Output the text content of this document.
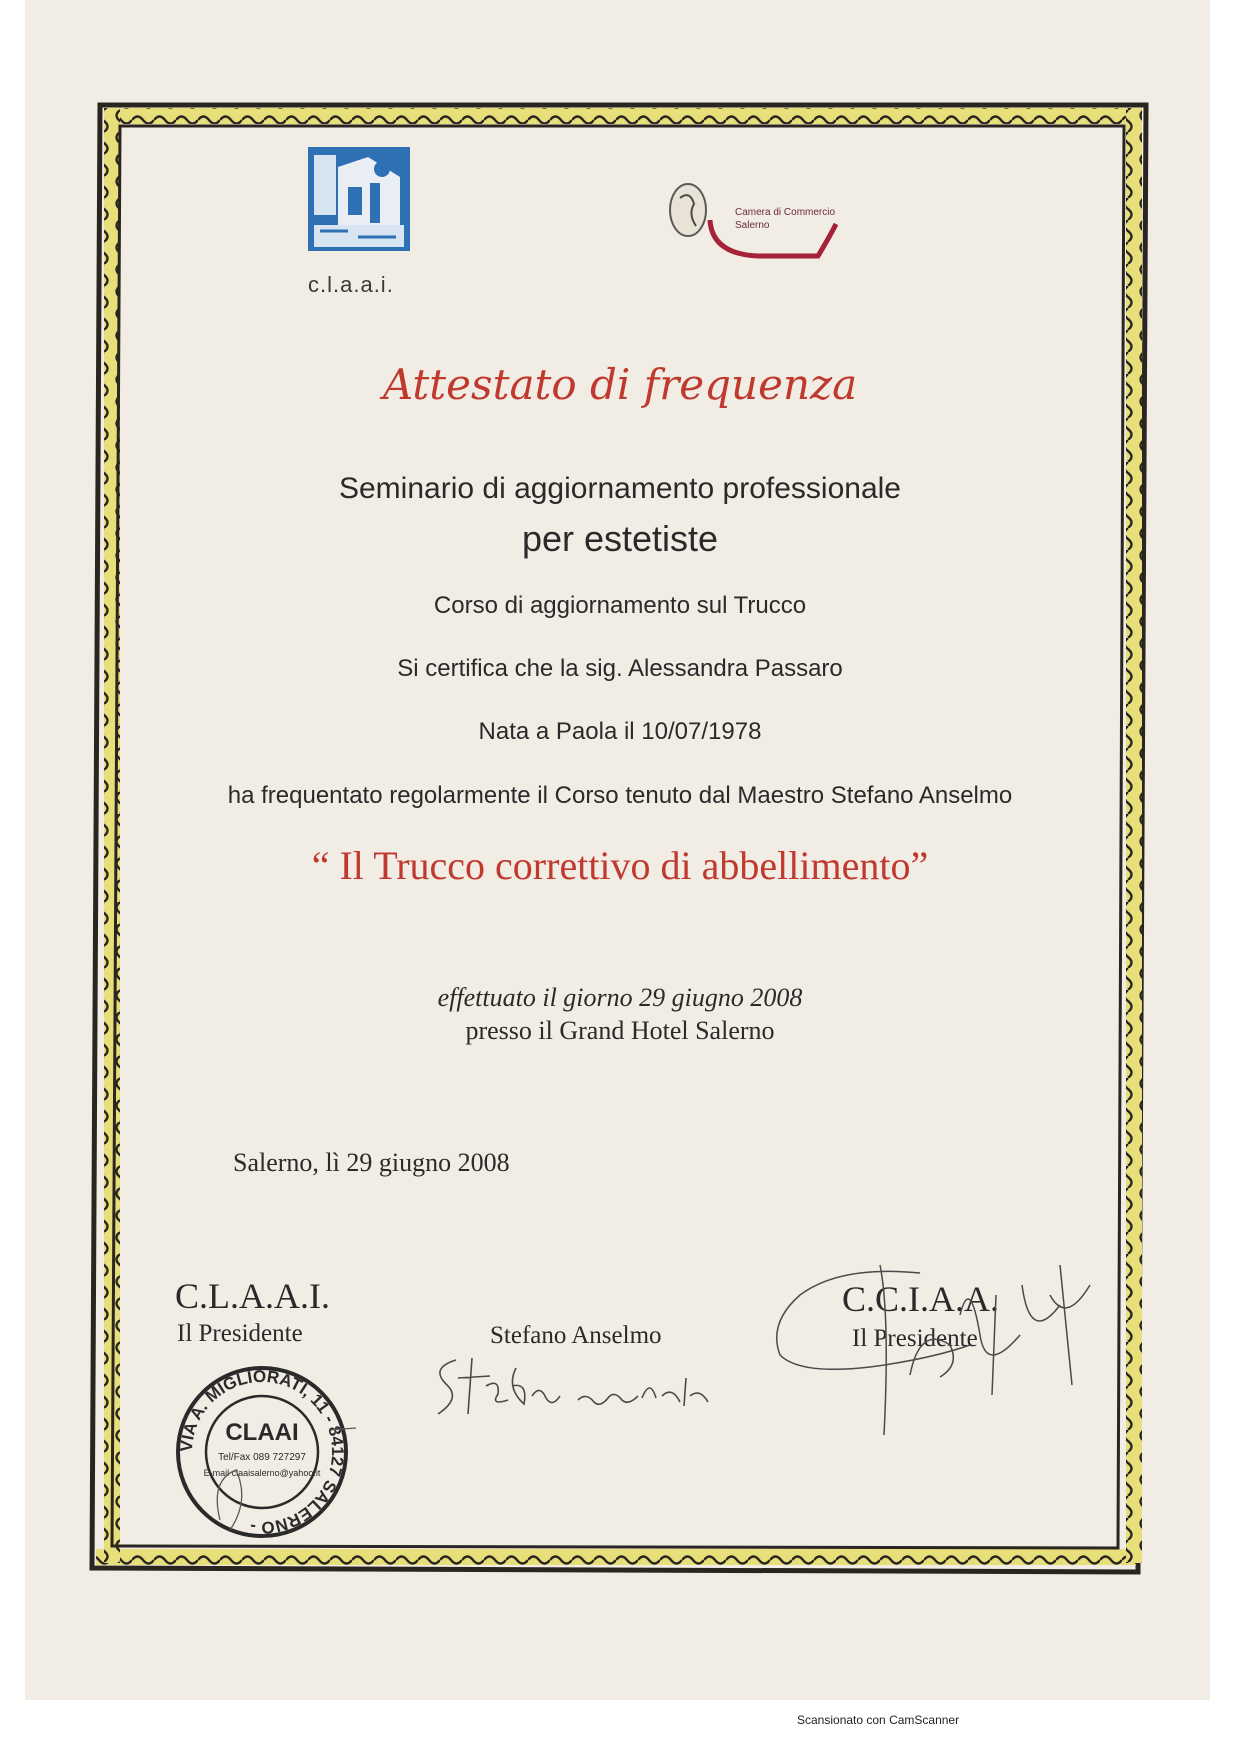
c.l.a.a.i.
Camera di Commercio
Salerno
Attestato di frequenza
Seminario di aggiornamento professionale
per estetiste
Corso di aggiornamento sul Trucco
Si certifica che la sig. Alessandra Passaro
Nata a Paola il 10/07/1978
ha frequentato regolarmente il Corso tenuto dal Maestro Stefano Anselmo
“ Il Trucco correttivo di abbellimento”
effettuato il giorno 29 giugno 2008
presso il Grand Hotel Salerno
Salerno, lì 29 giugno 2008
C.L.A.A.I.
Il Presidente	Stefano Anselmo
C.C.I.A.A.
Il Presidente
VIA A. MIGLIORATI, 11 - 84127 SALERNO -
CLAAI
Tel/Fax 089 727297
E-mail claaisalerno@yahoo.it
Scansionato con CamScanner
